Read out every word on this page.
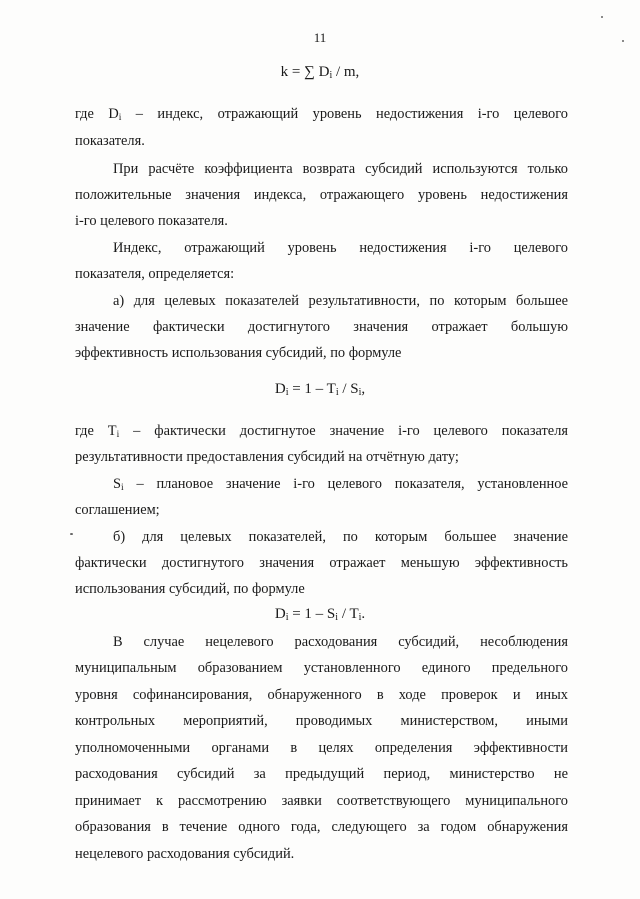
11
k = ∑ $D_i$ / m,
где $D_i$ – индекс, отражающий уровень недостижения i-го целевого
показателя.
При расчёте коэффициента возврата субсидий используются только
положительные значения индекса, отражающего уровень недостижения
i-го целевого показателя.
Индекс, отражающий уровень недостижения i-го целевого
показателя, определяется:
а) для целевых показателей результативности, по которым большее
значение фактически достигнутого значения отражает большую
эффективность использования субсидий, по формуле
$D_i = 1 - T_i / S_i$,
где $T_i$ – фактически достигнутое значение i-го целевого показателя
результативности предоставления субсидий на отчётную дату;
$S_i$ – плановое значение i-го целевого показателя, установленное
соглашением;
б) для целевых показателей, по которым большее значение
фактически достигнутого значения отражает меньшую эффективность
использования субсидий, по формуле
$D_i = 1 - S_i / T_i$.
В случае нецелевого расходования субсидий, несоблюдения
муниципальным образованием установленного единого предельного
уровня софинансирования, обнаруженного в ходе проверок и иных
контрольных мероприятий, проводимых министерством, иными
уполномоченными органами в целях определения эффективности
расходования субсидий за предыдущий период, министерство не
принимает к рассмотрению заявки соответствующего муниципального
образования в течение одного года, следующего за годом обнаружения
нецелевого расходования субсидий.
